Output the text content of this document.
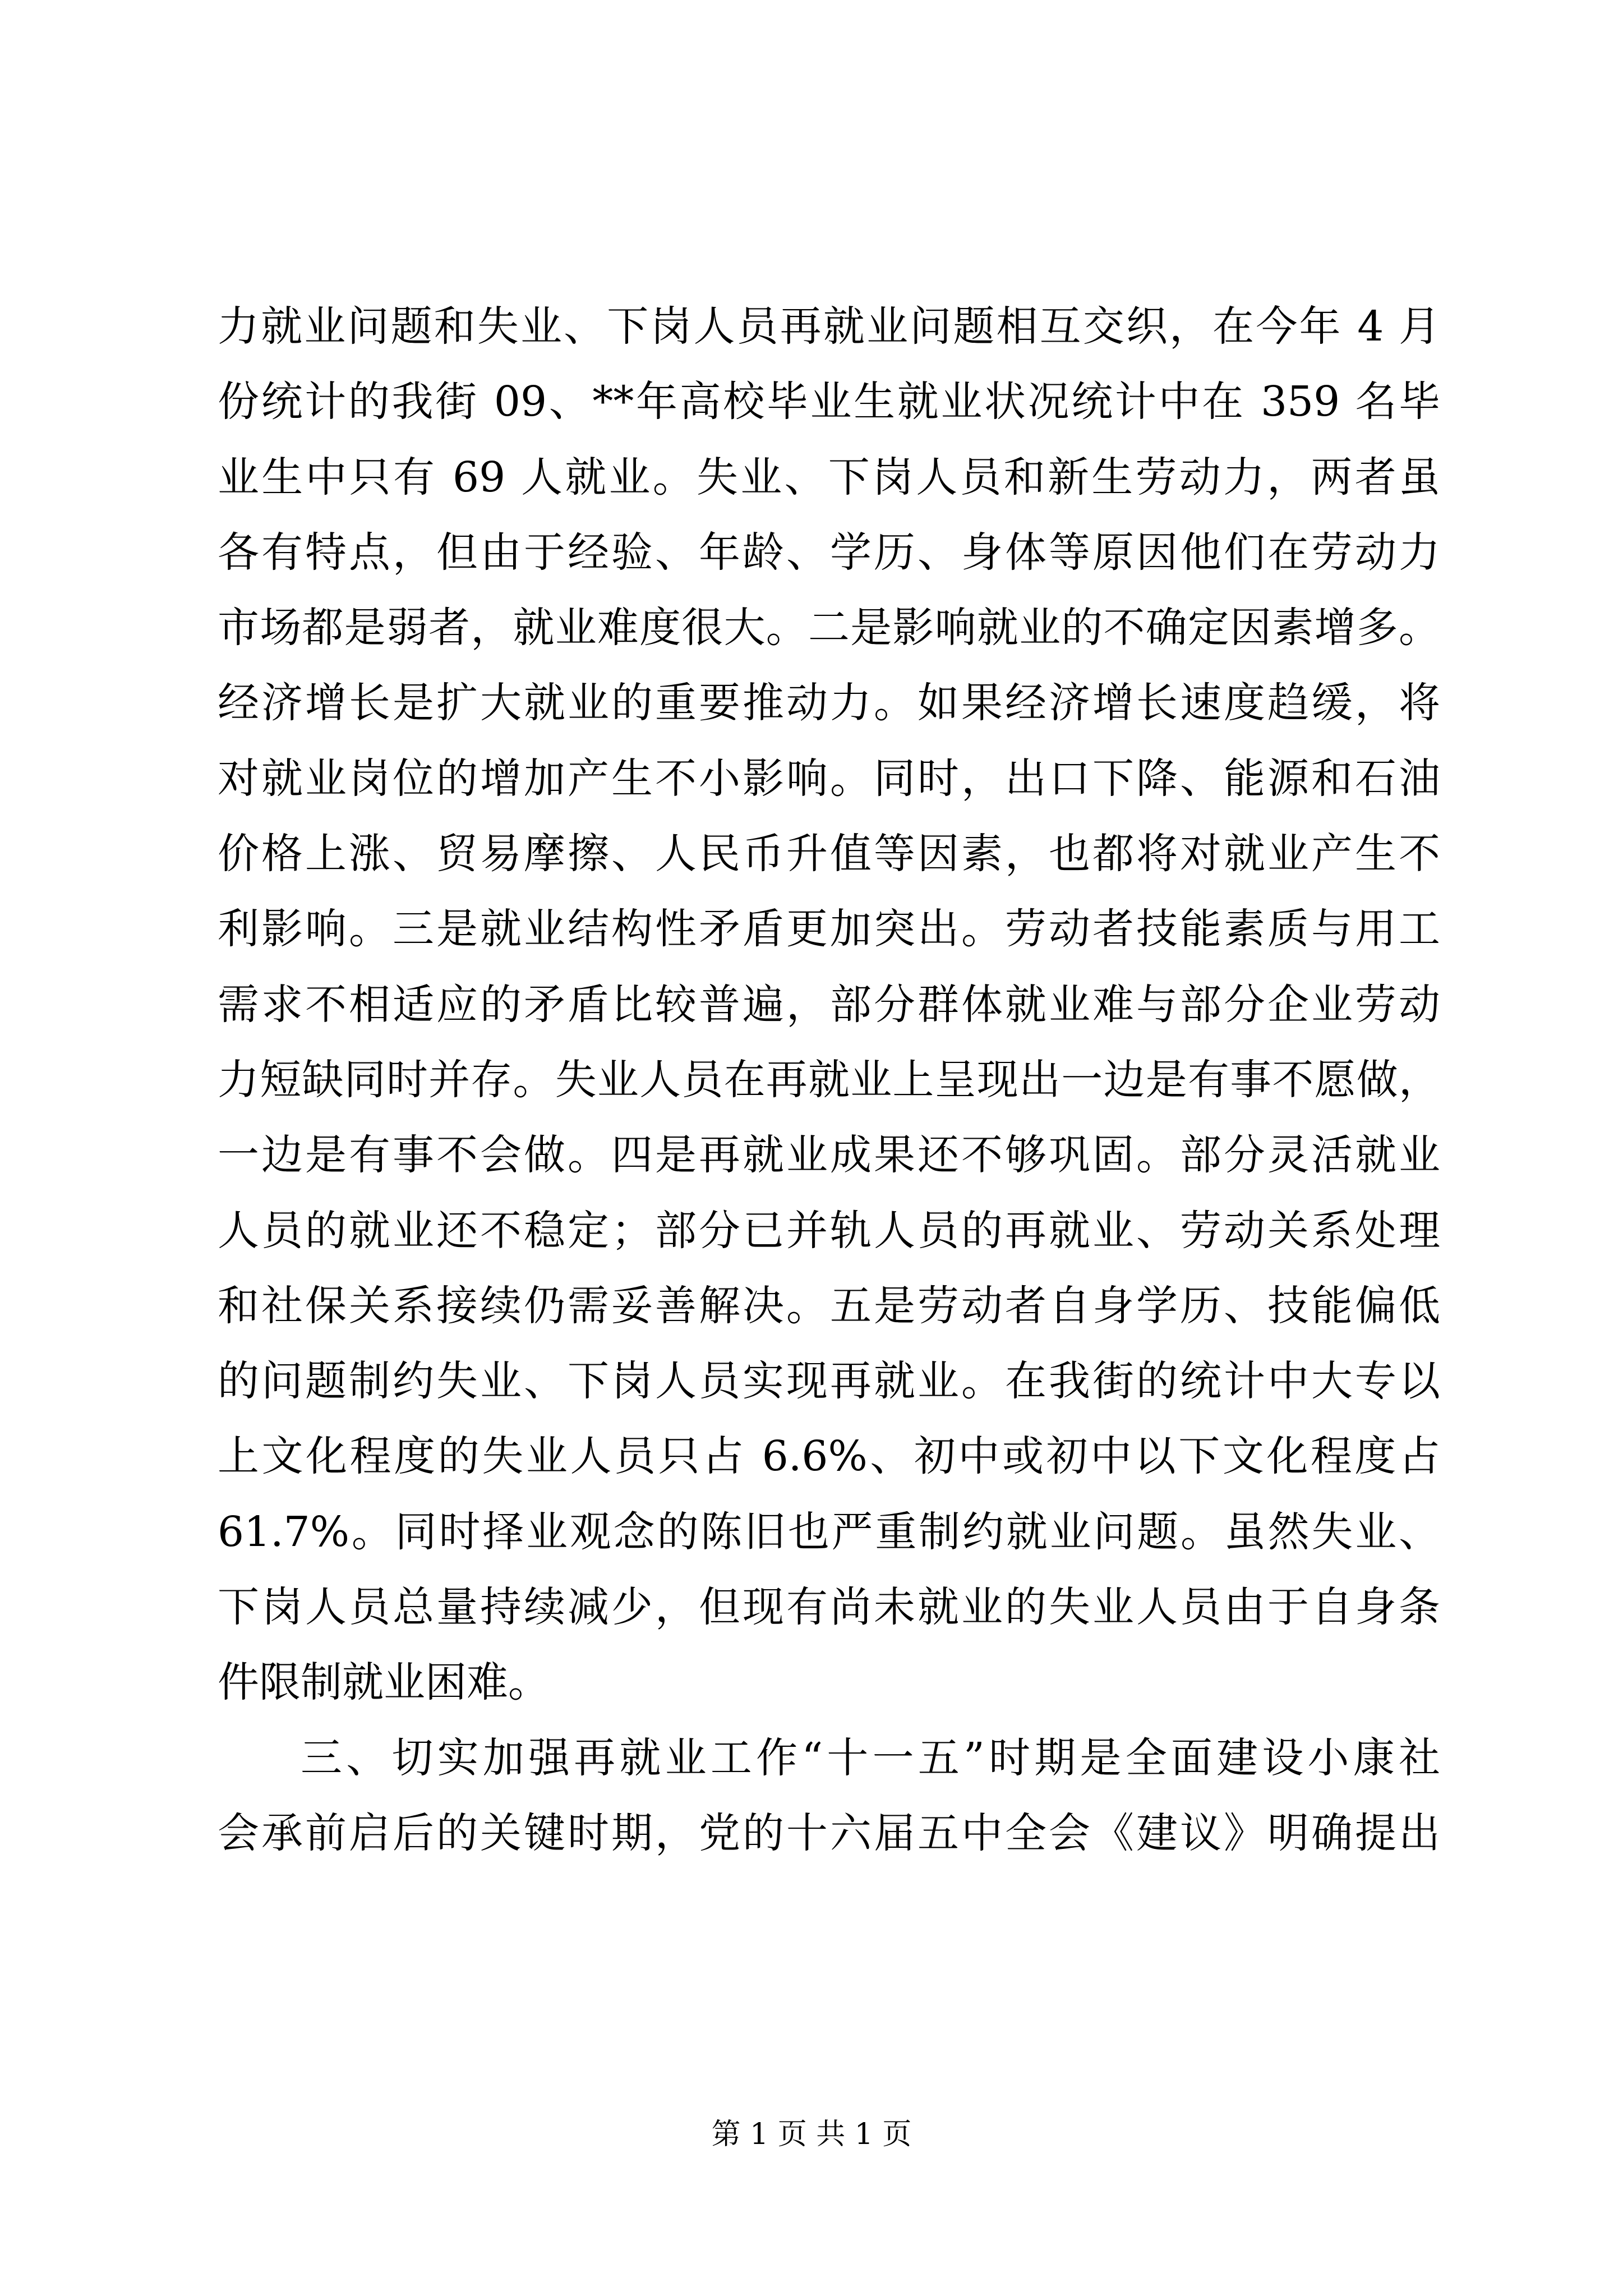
力就业问题和失业、下岗人员再就业问题相互交织，在今年 4 月
份统计的我街 09、**年高校毕业生就业状况统计中在 359 名毕
业生中只有 69 人就业。失业、下岗人员和新生劳动力，两者虽
各有特点，但由于经验、年龄、学历、身体等原因他们在劳动力
市场都是弱者，就业难度很大。二是影响就业的不确定因素增多。
经济增长是扩大就业的重要推动力。如果经济增长速度趋缓，将
对就业岗位的增加产生不小影响。同时，出口下降、能源和石油
价格上涨、贸易摩擦、人民币升值等因素，也都将对就业产生不
利影响。三是就业结构性矛盾更加突出。劳动者技能素质与用工
需求不相适应的矛盾比较普遍，部分群体就业难与部分企业劳动
力短缺同时并存。失业人员在再就业上呈现出一边是有事不愿做，
一边是有事不会做。四是再就业成果还不够巩固。部分灵活就业
人员的就业还不稳定；部分已并轨人员的再就业、劳动关系处理
和社保关系接续仍需妥善解决。五是劳动者自身学历、技能偏低
的问题制约失业、下岗人员实现再就业。在我街的统计中大专以
上文化程度的失业人员只占 6.6%、初中或初中以下文化程度占
61.7%。同时择业观念的陈旧也严重制约就业问题。虽然失业、
下岗人员总量持续减少，但现有尚未就业的失业人员由于自身条
件限制就业困难。
三、切实加强再就业工作“十一五”时期是全面建设小康社
会承前启后的关键时期，党的十六届五中全会《建议》明确提出
第 1 页 共 1 页
